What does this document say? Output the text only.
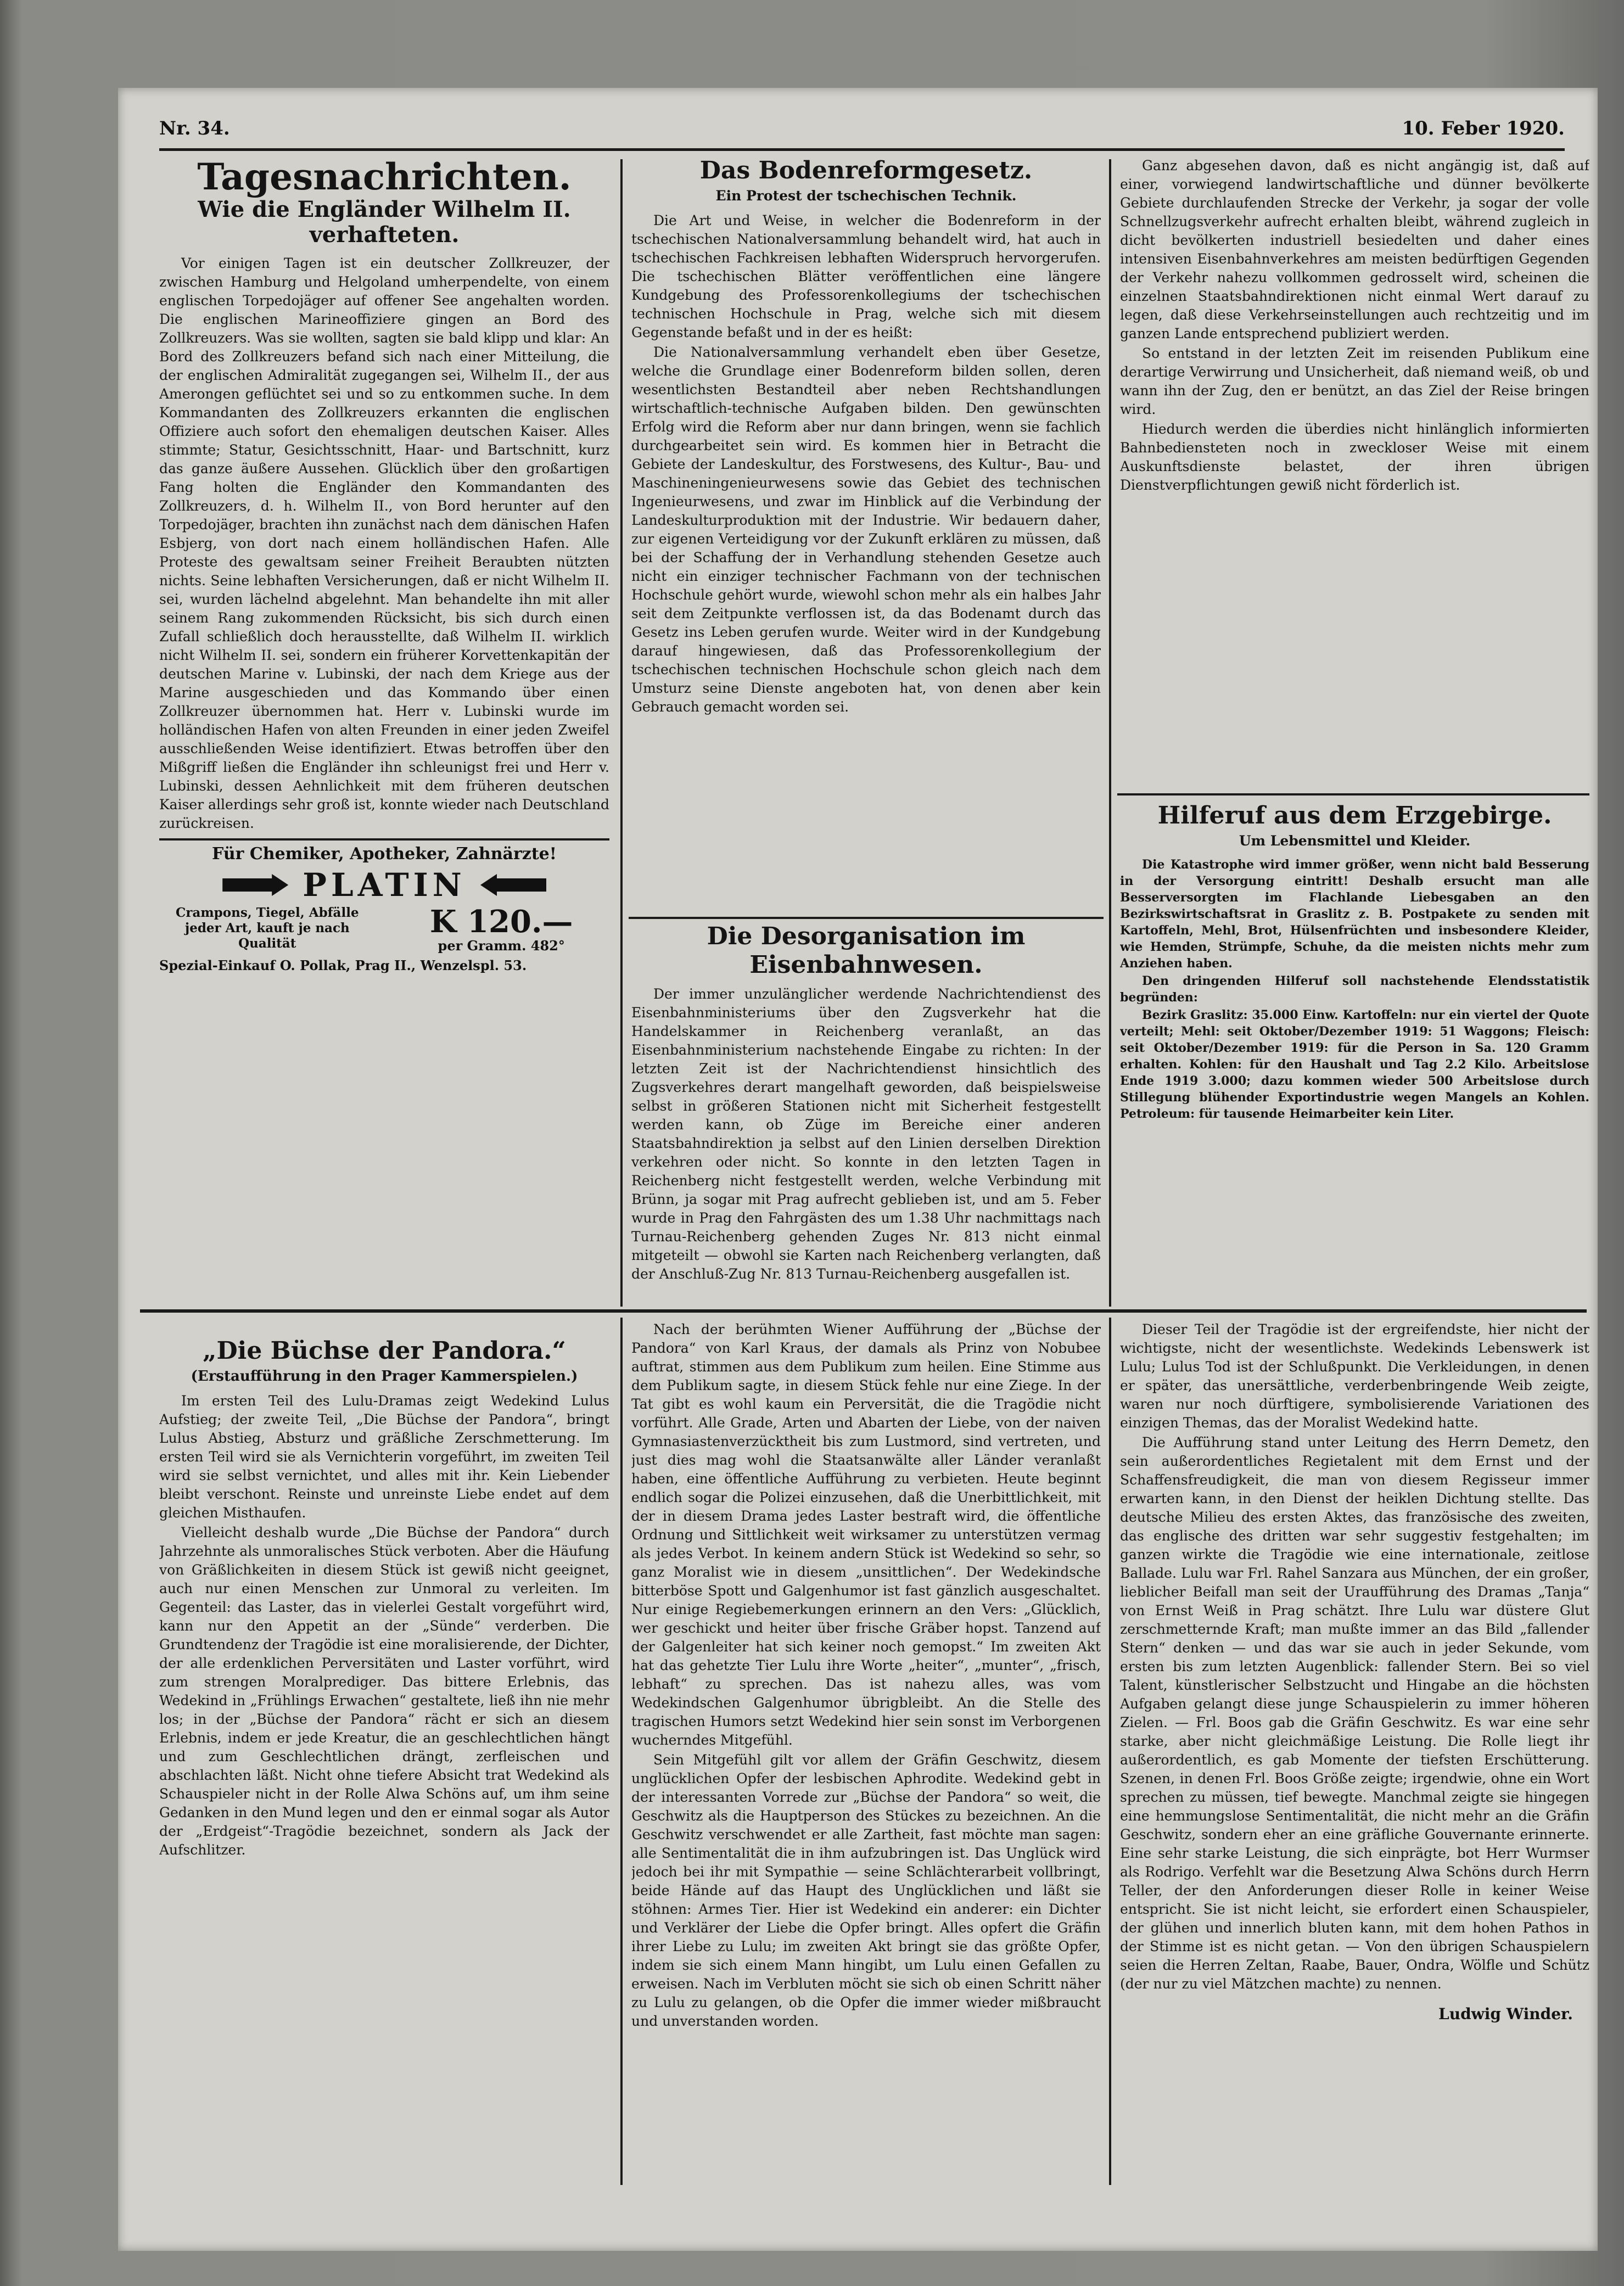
Nr. 34.	10. Feber 1920.
Tagesnachrichten.
Wie die Engländer Wilhelm II. verhafteten.

Vor einigen Tagen ist ein deutscher Zollkreuzer, der zwischen Hamburg und Helgoland umherpendelte, von einem englischen Torpedojäger auf offener See angehalten worden. Die englischen Marineoffiziere gingen an Bord des Zollkreuzers. Was sie wollten, sagten sie bald klipp und klar: An Bord des Zollkreuzers befand sich nach einer Mitteilung, die der englischen Admiralität zugegangen sei, Wilhelm II., der aus Amerongen geflüchtet sei und so zu entkommen suche. In dem Kommandanten des Zollkreuzers erkannten die englischen Offiziere auch sofort den ehemaligen deutschen Kaiser. Alles stimmte; Statur, Gesichtsschnitt, Haar- und Bartschnitt, kurz das ganze äußere Aussehen. Glücklich über den großartigen Fang holten die Engländer den Kommandanten des Zollkreuzers, d. h. Wilhelm II., von Bord herunter auf den Torpedojäger, brachten ihn zunächst nach dem dänischen Hafen Esbjerg, von dort nach einem holländischen Hafen. Alle Proteste des gewaltsam seiner Freiheit Beraubten nützten nichts. Seine lebhaften Versicherungen, daß er nicht Wilhelm II. sei, wurden lächelnd abgelehnt. Man behandelte ihn mit aller seinem Rang zukommenden Rücksicht, bis sich durch einen Zufall schließlich doch herausstellte, daß Wilhelm II. wirklich nicht Wilhelm II. sei, sondern ein früherer Korvettenkapitän der deutschen Marine v. Lubinski, der nach dem Kriege aus der Marine ausgeschieden und das Kommando über einen Zollkreuzer übernommen hat. Herr v. Lubinski wurde im holländischen Hafen von alten Freunden in einer jeden Zweifel ausschließenden Weise identifiziert. Etwas betroffen über den Mißgriff ließen die Engländer ihn schleunigst frei und Herr v. Lubinski, dessen Aehnlichkeit mit dem früheren deutschen Kaiser allerdings sehr groß ist, konnte wieder nach Deutschland zurückreisen.

Für Chemiker, Apotheker, Zahnärzte!
PLATIN
Crampons, Tiegel, Abfälle jeder Art, kauft je nach Qualität
K 120.—
per Gramm. 482°
Spezial-Einkauf O. Pollak, Prag II., Wenzelspl. 53.
Das Bodenreformgesetz.
Ein Protest der tschechischen Technik.

Die Art und Weise, in welcher die Bodenreform in der tschechischen Nationalversammlung behandelt wird, hat auch in tschechischen Fachkreisen lebhaften Widerspruch hervorgerufen. Die tschechischen Blätter veröffentlichen eine längere Kundgebung des Professorenkollegiums der tschechischen technischen Hochschule in Prag, welche sich mit diesem Gegenstande befaßt und in der es heißt:

Die Nationalversammlung verhandelt eben über Gesetze, welche die Grundlage einer Bodenreform bilden sollen, deren wesentlichsten Bestandteil aber neben Rechtshandlungen wirtschaftlich-technische Aufgaben bilden. Den gewünschten Erfolg wird die Reform aber nur dann bringen, wenn sie fachlich durchgearbeitet sein wird. Es kommen hier in Betracht die Gebiete der Landeskultur, des Forstwesens, des Kultur-, Bau- und Maschineningenieurwesens sowie das Gebiet des technischen Ingenieurwesens, und zwar im Hinblick auf die Verbindung der Landeskulturproduktion mit der Industrie. Wir bedauern daher, zur eigenen Verteidigung vor der Zukunft erklären zu müssen, daß bei der Schaffung der in Verhandlung stehenden Gesetze auch nicht ein einziger technischer Fachmann von der technischen Hochschule gehört wurde, wiewohl schon mehr als ein halbes Jahr seit dem Zeitpunkte verflossen ist, da das Bodenamt durch das Gesetz ins Leben gerufen wurde. Weiter wird in der Kundgebung darauf hingewiesen, daß das Professorenkollegium der tschechischen technischen Hochschule schon gleich nach dem Umsturz seine Dienste angeboten hat, von denen aber kein Gebrauch gemacht worden sei.

Die Desorganisation im Eisenbahnwesen.

Der immer unzulänglicher werdende Nachrichtendienst des Eisenbahnministeriums über den Zugsverkehr hat die Handelskammer in Reichenberg veranlaßt, an das Eisenbahnministerium nachstehende Eingabe zu richten: In der letzten Zeit ist der Nachrichtendienst hinsichtlich des Zugsverkehres derart mangelhaft geworden, daß beispielsweise selbst in größeren Stationen nicht mit Sicherheit festgestellt werden kann, ob Züge im Bereiche einer anderen Staatsbahndirektion ja selbst auf den Linien derselben Direktion verkehren oder nicht. So konnte in den letzten Tagen in Reichenberg nicht festgestellt werden, welche Verbindung mit Brünn, ja sogar mit Prag aufrecht geblieben ist, und am 5. Feber wurde in Prag den Fahrgästen des um 1.38 Uhr nachmittags nach Turnau-Reichenberg gehenden Zuges Nr. 813 nicht einmal mitgeteilt — obwohl sie Karten nach Reichenberg verlangten, daß der Anschluß-Zug Nr. 813 Turnau-Reichenberg ausgefallen ist.

Ganz abgesehen davon, daß es nicht angängig ist, daß auf einer, vorwiegend landwirtschaftliche und dünner bevölkerte Gebiete durchlaufenden Strecke der Verkehr, ja sogar der volle Schnellzugsverkehr aufrecht erhalten bleibt, während zugleich in dicht bevölkerten industriell besiedelten und daher eines intensiven Eisenbahnverkehres am meisten bedürftigen Gegenden der Verkehr nahezu vollkommen gedrosselt wird, scheinen die einzelnen Staatsbahndirektionen nicht einmal Wert darauf zu legen, daß diese Verkehrseinstellungen auch rechtzeitig und im ganzen Lande entsprechend publiziert werden.

So entstand in der letzten Zeit im reisenden Publikum eine derartige Verwirrung und Unsicherheit, daß niemand weiß, ob und wann ihn der Zug, den er benützt, an das Ziel der Reise bringen wird.

Hiedurch werden die überdies nicht hinlänglich informierten Bahnbediensteten noch in zweckloser Weise mit einem Auskunftsdienste belastet, der ihren übrigen Dienstverpflichtungen gewiß nicht förderlich ist.

Hilferuf aus dem Erzgebirge.
Um Lebensmittel und Kleider.

Die Katastrophe wird immer größer, wenn nicht bald Besserung in der Versorgung eintritt! Deshalb ersucht man alle Besserversorgten im Flachlande Liebesgaben an den Bezirkswirtschaftsrat in Graslitz z. B. Postpakete zu senden mit Kartoffeln, Mehl, Brot, Hülsenfrüchten und insbesondere Kleider, wie Hemden, Strümpfe, Schuhe, da die meisten nichts mehr zum Anziehen haben.

Den dringenden Hilferuf soll nachstehende Elendsstatistik begründen:

Bezirk Graslitz: 35.000 Einw. Kartoffeln: nur ein viertel der Quote verteilt; Mehl: seit Oktober/Dezember 1919: 51 Waggons; Fleisch: seit Oktober/Dezember 1919: für die Person in Sa. 120 Gramm erhalten. Kohlen: für den Haushalt und Tag 2.2 Kilo. Arbeitslose Ende 1919 3.000; dazu kommen wieder 500 Arbeitslose durch Stillegung blühender Exportindustrie wegen Mangels an Kohlen. Petroleum: für tausende Heimarbeiter kein Liter.

„Die Büchse der Pandora.“
(Erstaufführung in den Prager Kammerspielen.)

Im ersten Teil des Lulu-Dramas zeigt Wedekind Lulus Aufstieg; der zweite Teil, „Die Büchse der Pandora“, bringt Lulus Abstieg, Absturz und gräßliche Zerschmetterung. Im ersten Teil wird sie als Vernichterin vorgeführt, im zweiten Teil wird sie selbst vernichtet, und alles mit ihr. Kein Liebender bleibt verschont. Reinste und unreinste Liebe endet auf dem gleichen Misthaufen.

Vielleicht deshalb wurde „Die Büchse der Pandora“ durch Jahrzehnte als unmoralisches Stück verboten. Aber die Häufung von Gräßlichkeiten in diesem Stück ist gewiß nicht geeignet, auch nur einen Menschen zur Unmoral zu verleiten. Im Gegenteil: das Laster, das in vielerlei Gestalt vorgeführt wird, kann nur den Appetit an der „Sünde“ verderben. Die Grundtendenz der Tragödie ist eine moralisierende, der Dichter, der alle erdenklichen Perversitäten und Laster vorführt, wird zum strengen Moralprediger. Das bittere Erlebnis, das Wedekind in „Frühlings Erwachen“ gestaltete, ließ ihn nie mehr los; in der „Büchse der Pandora“ rächt er sich an diesem Erlebnis, indem er jede Kreatur, die an geschlechtlichen hängt und zum Geschlechtlichen drängt, zerfleischen und abschlachten läßt. Nicht ohne tiefere Absicht trat Wedekind als Schauspieler nicht in der Rolle Alwa Schöns auf, um ihm seine Gedanken in den Mund legen und den er einmal sogar als Autor der „Erdgeist“-Tragödie bezeichnet, sondern als Jack der Aufschlitzer.

Nach der berühmten Wiener Aufführung der „Büchse der Pandora“ von Karl Kraus, der damals als Prinz von Nobubee auftrat, stimmen aus dem Publikum zum heilen. Eine Stimme aus dem Publikum sagte, in diesem Stück fehle nur eine Ziege. In der Tat gibt es wohl kaum ein Perversität, die die Tragödie nicht vorführt. Alle Grade, Arten und Abarten der Liebe, von der naiven Gymnasiastenverzücktheit bis zum Lustmord, sind vertreten, und just dies mag wohl die Staatsanwälte aller Länder veranlaßt haben, eine öffentliche Aufführung zu verbieten. Heute beginnt endlich sogar die Polizei einzusehen, daß die Unerbittlichkeit, mit der in diesem Drama jedes Laster bestraft wird, die öffentliche Ordnung und Sittlichkeit weit wirksamer zu unterstützen vermag als jedes Verbot. In keinem andern Stück ist Wedekind so sehr, so ganz Moralist wie in diesem „unsittlichen“. Der Wedekindsche bitterböse Spott und Galgenhumor ist fast gänzlich ausgeschaltet. Nur einige Regiebemerkungen erinnern an den Vers: „Glücklich, wer geschickt und heiter über frische Gräber hopst. Tanzend auf der Galgenleiter hat sich keiner noch gemopst.“ Im zweiten Akt hat das gehetzte Tier Lulu ihre Worte „heiter“, „munter“, „frisch, lebhaft“ zu sprechen. Das ist nahezu alles, was vom Wedekindschen Galgenhumor übrigbleibt. An die Stelle des tragischen Humors setzt Wedekind hier sein sonst im Verborgenen wucherndes Mitgefühl.

Sein Mitgefühl gilt vor allem der Gräfin Geschwitz, diesem unglücklichen Opfer der lesbischen Aphrodite. Wedekind gebt in der interessanten Vorrede zur „Büchse der Pandora“ so weit, die Geschwitz als die Hauptperson des Stückes zu bezeichnen. An die Geschwitz verschwendet er alle Zartheit, fast möchte man sagen: alle Sentimentalität die in ihm aufzubringen ist. Das Unglück wird jedoch bei ihr mit Sympathie — seine Schlächterarbeit vollbringt, beide Hände auf das Haupt des Unglücklichen und läßt sie stöhnen: Armes Tier. Hier ist Wedekind ein anderer: ein Dichter und Verklärer der Liebe die Opfer bringt. Alles opfert die Gräfin ihrer Liebe zu Lulu; im zweiten Akt bringt sie das größte Opfer, indem sie sich einem Mann hingibt, um Lulu einen Gefallen zu erweisen. Nach im Verbluten möcht sie sich ob einen Schritt näher zu Lulu zu gelangen, ob die Opfer die immer wieder mißbraucht und unverstanden worden.

Dieser Teil der Tragödie ist der ergreifendste, hier nicht der wichtigste, nicht der wesentlichste. Wedekinds Lebenswerk ist Lulu; Lulus Tod ist der Schlußpunkt. Die Verkleidungen, in denen er später, das unersättliche, verderbenbringende Weib zeigte, waren nur noch dürftigere, symbolisierende Variationen des einzigen Themas, das der Moralist Wedekind hatte.

Die Aufführung stand unter Leitung des Herrn Demetz, den sein außerordentliches Regietalent mit dem Ernst und der Schaffensfreudigkeit, die man von diesem Regisseur immer erwarten kann, in den Dienst der heiklen Dichtung stellte. Das deutsche Milieu des ersten Aktes, das französische des zweiten, das englische des dritten war sehr suggestiv festgehalten; im ganzen wirkte die Tragödie wie eine internationale, zeitlose Ballade. Lulu war Frl. Rahel Sanzara aus München, der ein großer, lieblicher Beifall man seit der Uraufführung des Dramas „Tanja“ von Ernst Weiß in Prag schätzt. Ihre Lulu war düstere Glut zerschmetternde Kraft; man mußte immer an das Bild „fallender Stern“ denken — und das war sie auch in jeder Sekunde, vom ersten bis zum letzten Augenblick: fallender Stern. Bei so viel Talent, künstlerischer Selbstzucht und Hingabe an die höchsten Aufgaben gelangt diese junge Schauspielerin zu immer höheren Zielen. — Frl. Boos gab die Gräfin Geschwitz. Es war eine sehr starke, aber nicht gleichmäßige Leistung. Die Rolle liegt ihr außerordentlich, es gab Momente der tiefsten Erschütterung. Szenen, in denen Frl. Boos Größe zeigte; irgendwie, ohne ein Wort sprechen zu müssen, tief bewegte. Manchmal zeigte sie hingegen eine hemmungslose Sentimentalität, die nicht mehr an die Gräfin Geschwitz, sondern eher an eine gräfliche Gouvernante erinnerte. Eine sehr starke Leistung, die sich einprägte, bot Herr Wurmser als Rodrigo. Verfehlt war die Besetzung Alwa Schöns durch Herrn Teller, der den Anforderungen dieser Rolle in keiner Weise entspricht. Sie ist nicht leicht, sie erfordert einen Schauspieler, der glühen und innerlich bluten kann, mit dem hohen Pathos in der Stimme ist es nicht getan. — Von den übrigen Schauspielern seien die Herren Zeltan, Raabe, Bauer, Ondra, Wölfle und Schütz (der nur zu viel Mätzchen machte) zu nennen.

Ludwig Winder.
